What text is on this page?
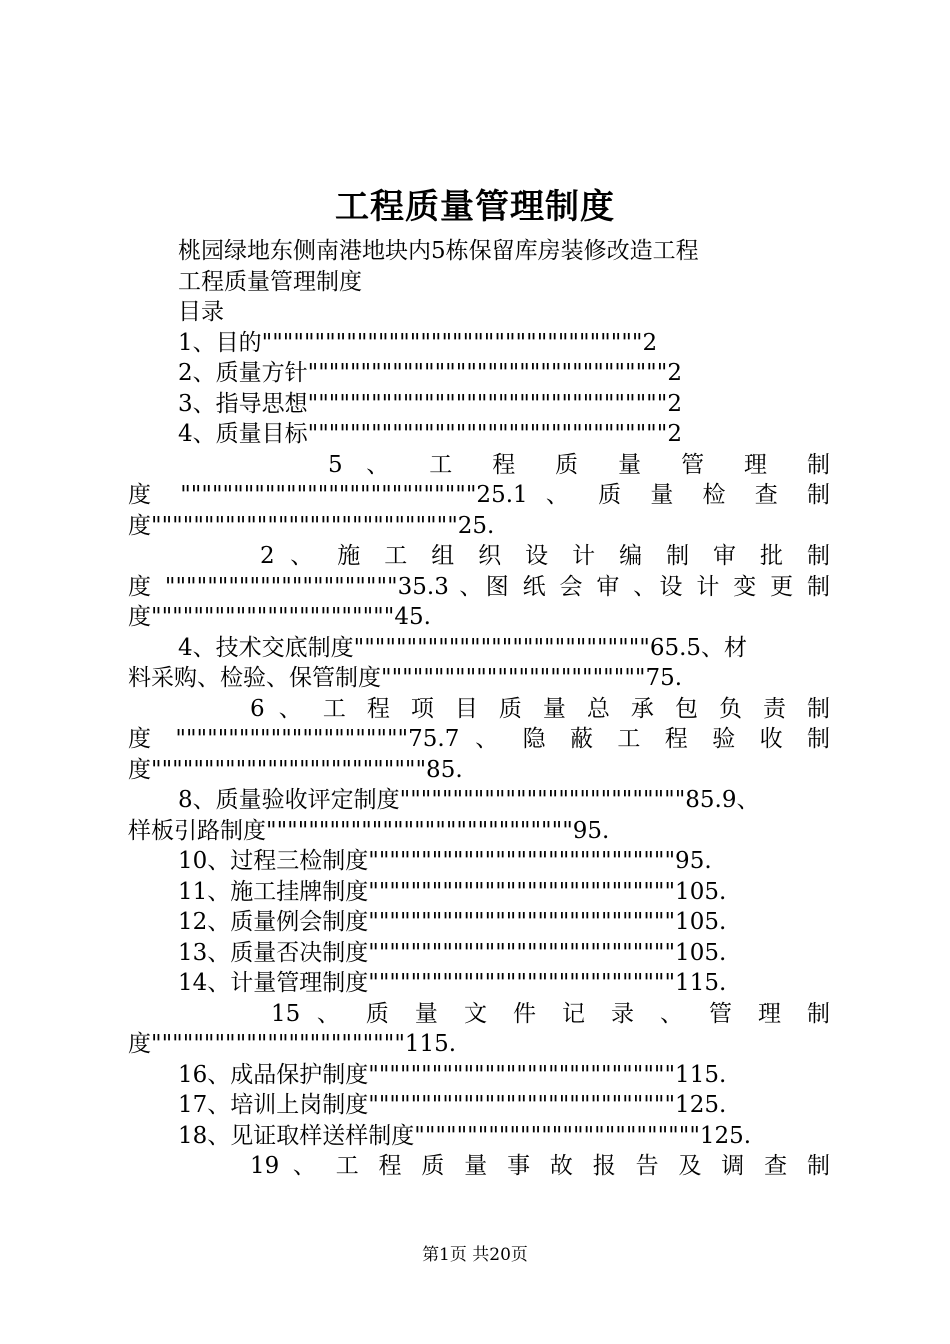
工程质量管理制度
桃园绿地东侧南港地块内5栋保留库房装修改造工程
工程质量管理制度
目录
1、目的""""""""""""""""""""""""""""""""""""2
2、质量方针""""""""""""""""""""""""""""""""""2
3、指导思想""""""""""""""""""""""""""""""""""2
4、质量目标""""""""""""""""""""""""""""""""""2
5 、 工 程 质 量 管 理 制
度 """"""""""""""""""""""""""""25.1 、 质 量 检 查 制
度"""""""""""""""""""""""""""""25.
2 、 施 工 组 织 设 计 编 制 审 批 制
度 """"""""""""""""""""""35.3 、图 纸 会 审 、设 计 变 更 制
度"""""""""""""""""""""""45.
4、技术交底制度""""""""""""""""""""""""""""65.5、材
料采购、检验、保管制度"""""""""""""""""""""""""75.
6 、 工 程 项 目 质 量 总 承 包 负 责 制
度 """"""""""""""""""""""75.7 、 隐 蔽 工 程 验 收 制
度""""""""""""""""""""""""""85.
8、质量验收评定制度"""""""""""""""""""""""""""85.9、
样板引路制度"""""""""""""""""""""""""""""95.
10、过程三检制度"""""""""""""""""""""""""""""95.
11、施工挂牌制度"""""""""""""""""""""""""""""105.
12、质量例会制度"""""""""""""""""""""""""""""105.
13、质量否决制度"""""""""""""""""""""""""""""105.
14、计量管理制度"""""""""""""""""""""""""""""115.
15 、 质 量 文 件 记 录 、 管 理 制
度""""""""""""""""""""""""115.
16、成品保护制度"""""""""""""""""""""""""""""115.
17、培训上岗制度"""""""""""""""""""""""""""""125.
18、见证取样送样制度"""""""""""""""""""""""""""125.
19 、 工 程 质 量 事 故 报 告 及 调 查 制
第1页 共20页
